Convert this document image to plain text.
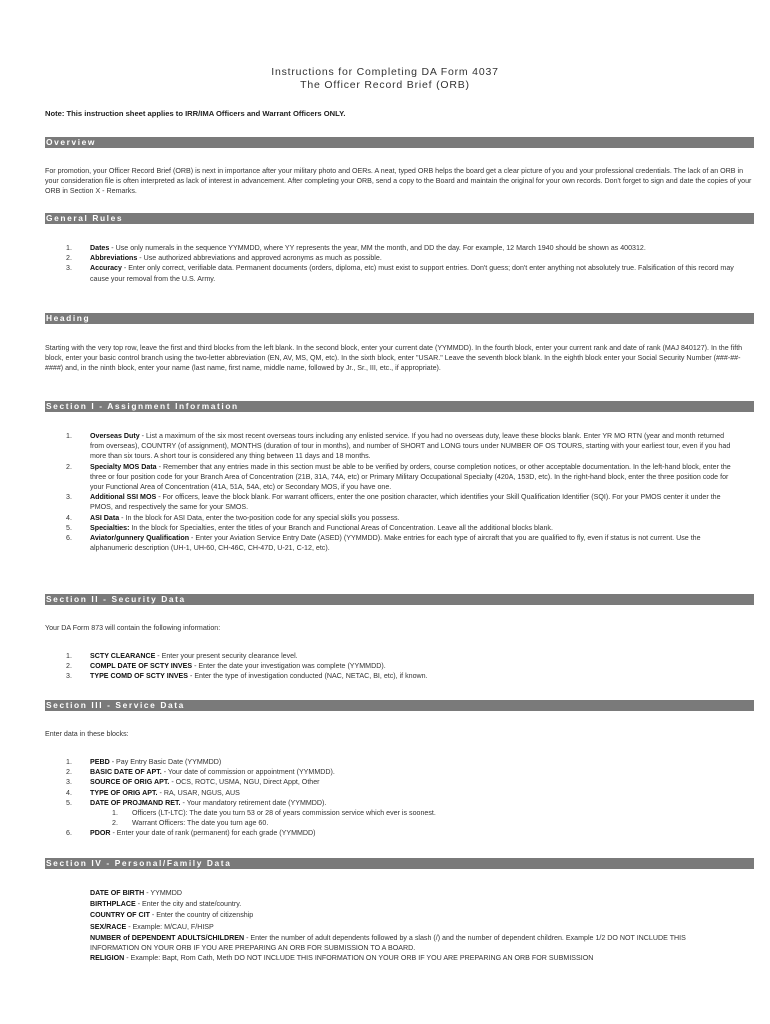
Instructions for Completing DA Form 4037
The Officer Record Brief (ORB)
Note: This instruction sheet applies to IRR/IMA Officers and Warrant Officers ONLY.
Overview
For promotion, your Officer Record Brief (ORB) is next in importance after your military photo and OERs. A neat, typed ORB helps the board get a clear picture of you and your professional credentials. The lack of an ORB in your consideration file is often interpreted as lack of interest in advancement. After completing your ORB, send a copy to the Board and maintain the original for your own records. Don't forget to sign and date the copies of your ORB in Section X - Remarks.
General Rules
1.	Dates - Use only numerals in the sequence YYMMDD, where YY represents the year, MM the month, and DD the day. For example, 12 March 1940 should be shown as 400312.
2.	Abbreviations - Use authorized abbreviations and approved acronyms as much as possible.
3.	Accuracy - Enter only correct, verifiable data. Permanent documents (orders, diploma, etc) must exist to support entries. Don't guess; don't enter anything not absolutely true. Falsification of this record may cause your removal from the U.S. Army.
Heading
Starting with the very top row, leave the first and third blocks from the left blank. In the second block, enter your current date (YYMMDD). In the fourth block, enter your current rank and date of rank (MAJ 840127). In the fifth block, enter your basic control branch using the two-letter abbreviation (EN, AV, MS, QM, etc). In the sixth block, enter "USAR." Leave the seventh block blank. In the eighth block enter your Social Security Number (###-##-####) and, in the ninth block, enter your name (last name, first name, middle name, followed by Jr., Sr., III, etc., if appropriate).
Section I - Assignment Information
1.	Overseas Duty - List a maximum of the six most recent overseas tours including any enlisted service. If you had no overseas duty, leave these blocks blank. Enter YR MO RTN (year and month returned from overseas), COUNTRY (of assignment), MONTHS (duration of tour in months), and number of SHORT and LONG tours under NUMBER OF OS TOURS, starting with your earliest tour, even if you had more than six tours. A short tour is considered any thing between 11 days and 18 months.
2.	Specialty MOS Data - Remember that any entries made in this section must be able to be verified by orders, course completion notices, or other acceptable documentation. In the left-hand block, enter the three or four position code for your Branch Area of Concentration (21B, 31A, 74A, etc) or Primary Military Occupational Specialty (420A, 153D, etc). In the right-hand block, enter the three position code for your Functional Area of Concentration (41A, 51A, 54A, etc) or Secondary MOS, if you have one.
3.	Additional SSI MOS - For officers, leave the block blank. For warrant officers, enter the one position character, which identifies your Skill Qualification Identifier (SQI). For your PMOS center it under the PMOS, and respectively the same for your SMOS.
4.	ASI Data - In the block for ASI Data, enter the two-position code for any special skills you possess.
5.	Specialties: In the block for Specialties, enter the titles of your Branch and Functional Areas of Concentration. Leave all the additional blocks blank.
6.	Aviator/gunnery Qualification - Enter your Aviation Service Entry Date (ASED) (YYMMDD). Make entries for each type of aircraft that you are qualified to fly, even if status is not current. Use the alphanumeric description (UH-1, UH-60, CH-46C, CH-47D, U-21, C-12, etc).
Section II - Security Data
Your DA Form 873 will contain the following information:
1.	SCTY CLEARANCE - Enter your present security clearance level.
2.	COMPL DATE OF SCTY INVES - Enter the date your investigation was complete (YYMMDD).
3.	TYPE COMD OF SCTY INVES - Enter the type of investigation conducted (NAC, NETAC, BI, etc), if known.
Section III - Service Data
Enter data in these blocks:
1.	PEBD - Pay Entry Basic Date (YYMMDD)
2.	BASIC DATE OF APT. - Your date of commission or appointment (YYMMDD).
3.	SOURCE OF ORIG APT. - OCS, ROTC, USMA, NGU, Direct Appt, Other
4.	TYPE OF ORIG APT. - RA, USAR, NGUS, AUS
5.	DATE OF PROJMAND RET. - Your mandatory retirement date (YYMMDD).
1.	Officers (LT-LTC): The date you turn 53 or 28 of years commission service which ever is soonest.
2.	Warrant Officers: The date you turn age 60.
6.	PDOR - Enter your date of rank (permanent) for each grade (YYMMDD)
Section IV - Personal/Family Data
DATE OF BIRTH - YYMMDD
BIRTHPLACE - Enter the city and state/country.
COUNTRY OF CIT - Enter the country of citizenship
SEX/RACE - Example: M/CAU, F/HISP
NUMBER of DEPENDENT ADULTS/CHILDREN - Enter the number of adult dependents followed by a slash (/) and the number of dependent children. Example 1/2 DO NOT INCLUDE THIS INFORMATION ON YOUR ORB IF YOU ARE PREPARING AN ORB FOR SUBMISSION TO A BOARD.
RELIGION - Example: Bapt, Rom Cath, Meth DO NOT INCLUDE THIS INFORMATION ON YOUR ORB IF YOU ARE PREPARING AN ORB FOR SUBMISSION
